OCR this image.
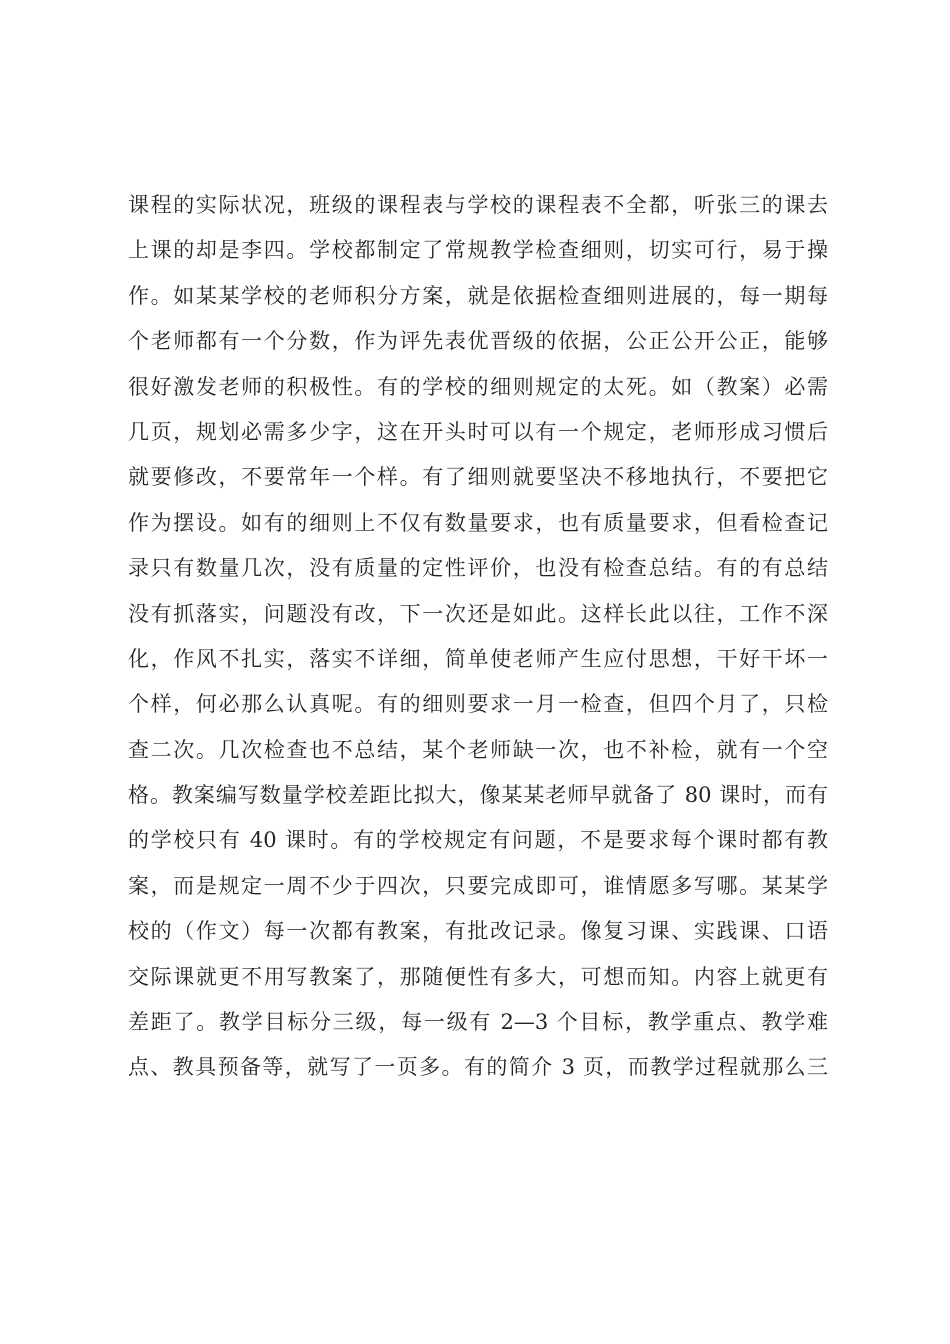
课程的实际状况，班级的课程表与学校的课程表不全都，听张三的课去
上课的却是李四。学校都制定了常规教学检查细则，切实可行，易于操
作。如某某学校的老师积分方案，就是依据检查细则进展的，每一期每
个老师都有一个分数，作为评先表优晋级的依据，公正公开公正，能够
很好激发老师的积极性。有的学校的细则规定的太死。如（教案）必需
几页，规划必需多少字，这在开头时可以有一个规定，老师形成习惯后
就要修改，不要常年一个样。有了细则就要坚决不移地执行，不要把它
作为摆设。如有的细则上不仅有数量要求，也有质量要求，但看检查记
录只有数量几次，没有质量的定性评价，也没有检查总结。有的有总结
没有抓落实，问题没有改，下一次还是如此。这样长此以往，工作不深
化，作风不扎实，落实不详细，简单使老师产生应付思想，干好干坏一
个样，何必那么认真呢。有的细则要求一月一检查，但四个月了，只检
查二次。几次检查也不总结，某个老师缺一次，也不补检，就有一个空
格。教案编写数量学校差距比拟大，像某某老师早就备了 80 课时，而有
的学校只有 40 课时。有的学校规定有问题，不是要求每个课时都有教
案，而是规定一周不少于四次，只要完成即可，谁情愿多写哪。某某学
校的（作文）每一次都有教案，有批改记录。像复习课、实践课、口语
交际课就更不用写教案了，那随便性有多大，可想而知。内容上就更有
差距了。教学目标分三级，每一级有 2—3 个目标，教学重点、教学难
点、教具预备等，就写了一页多。有的简介 3 页，而教学过程就那么三
